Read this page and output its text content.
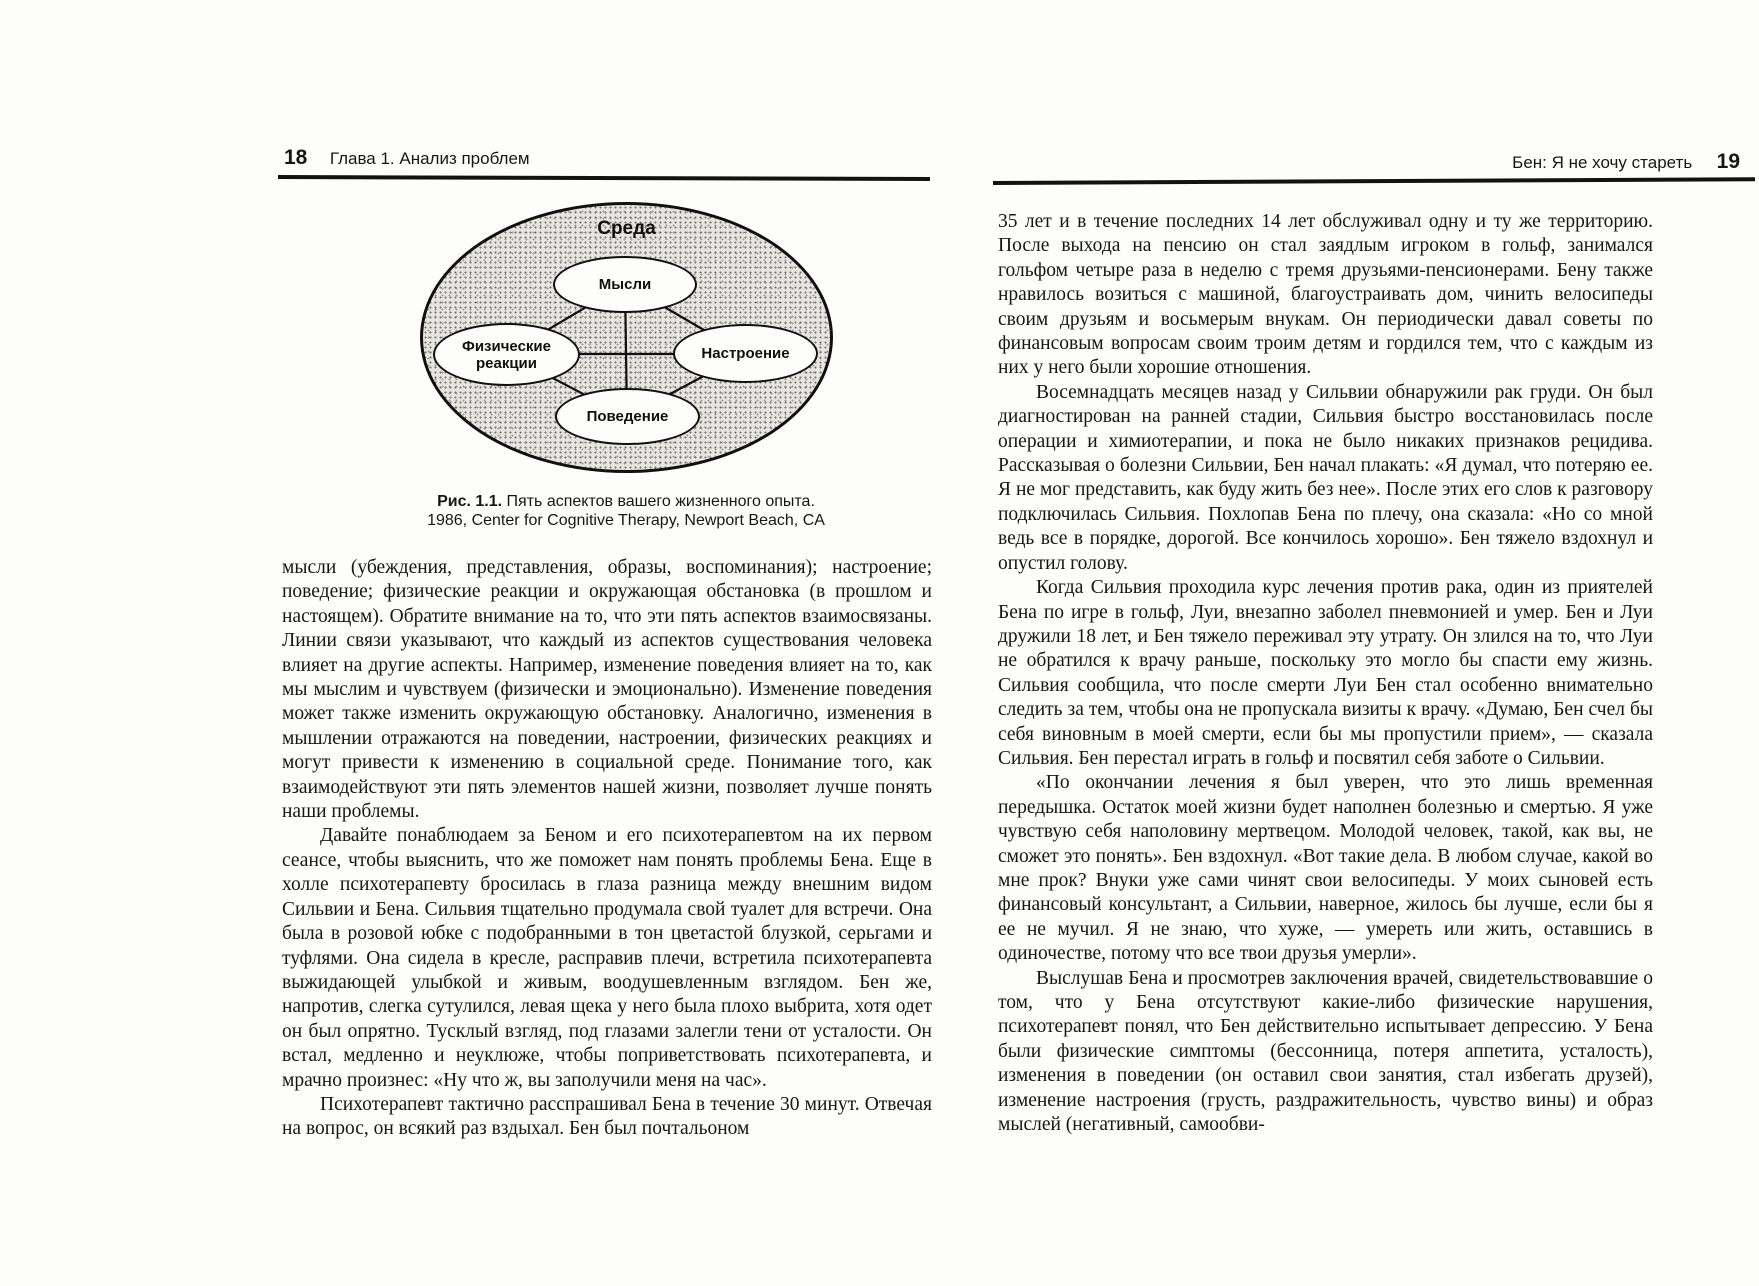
18 Глава 1. Анализ проблем	Бен: Я не хочу стареть 19
Среда
Мысли
Физические реакции
Настроение
Поведение
Рис. 1.1. Пять аспектов вашего жизненного опыта.
1986, Center for Cognitive Therapy, Newport Beach, CA

мысли (убеждения, представления, образы, воспоминания); настроение; поведение; физические реакции и окружающая обстановка (в прошлом и настоящем). Обратите внимание на то, что эти пять аспектов взаимосвязаны. Линии связи указывают, что каждый из аспектов существования человека влияет на другие аспекты. Например, изменение поведения влияет на то, как мы мыслим и чувствуем (физически и эмоционально). Изменение поведения может также изменить окружающую обстановку. Аналогично, изменения в мышлении отражаются на поведении, настроении, физических реакциях и могут привести к изменению в социальной среде. Понимание того, как взаимодействуют эти пять элементов нашей жизни, позволяет лучше понять наши проблемы.

Давайте понаблюдаем за Беном и его психотерапевтом на их первом сеансе, чтобы выяснить, что же поможет нам понять проблемы Бена. Еще в холле психотерапевту бросилась в глаза разница между внешним видом Сильвии и Бена. Сильвия тщательно продумала свой туалет для встречи. Она была в розовой юбке с подобранными в тон цветастой блузкой, серьгами и туфлями. Она сидела в кресле, расправив плечи, встретила психотерапевта выжидающей улыбкой и живым, воодушевленным взглядом. Бен же, напротив, слегка сутулился, левая щека у него была плохо выбрита, хотя одет он был опрятно. Тусклый взгляд, под глазами залегли тени от усталости. Он встал, медленно и неуклюже, чтобы поприветствовать психотерапевта, и мрачно произнес: «Ну что ж, вы заполучили меня на час».

Психотерапевт тактично расспрашивал Бена в течение 30 минут. Отвечая на вопрос, он всякий раз вздыхал. Бен был почтальоном

35 лет и в течение последних 14 лет обслуживал одну и ту же территорию. После выхода на пенсию он стал заядлым игроком в гольф, занимался гольфом четыре раза в неделю с тремя друзьями-пенсионерами. Бену также нравилось возиться с машиной, благоустраивать дом, чинить велосипеды своим друзьям и восьмерым внукам. Он периодически давал советы по финансовым вопросам своим троим детям и гордился тем, что с каждым из них у него были хорошие отношения.

Восемнадцать месяцев назад у Сильвии обнаружили рак груди. Он был диагностирован на ранней стадии, Сильвия быстро восстановилась после операции и химиотерапии, и пока не было никаких признаков рецидива. Рассказывая о болезни Сильвии, Бен начал плакать: «Я думал, что потеряю ее. Я не мог представить, как буду жить без нее». После этих его слов к разговору подключилась Сильвия. Похлопав Бена по плечу, она сказала: «Но со мной ведь все в порядке, дорогой. Все кончилось хорошо». Бен тяжело вздохнул и опустил голову.

Когда Сильвия проходила курс лечения против рака, один из приятелей Бена по игре в гольф, Луи, внезапно заболел пневмонией и умер. Бен и Луи дружили 18 лет, и Бен тяжело переживал эту утрату. Он злился на то, что Луи не обратился к врачу раньше, поскольку это могло бы спасти ему жизнь. Сильвия сообщила, что после смерти Луи Бен стал особенно внимательно следить за тем, чтобы она не пропускала визиты к врачу. «Думаю, Бен счел бы себя виновным в моей смерти, если бы мы пропустили прием», — сказала Сильвия. Бен перестал играть в гольф и посвятил себя заботе о Сильвии.

«По окончании лечения я был уверен, что это лишь временная передышка. Остаток моей жизни будет наполнен болезнью и смертью. Я уже чувствую себя наполовину мертвецом. Молодой человек, такой, как вы, не сможет это понять». Бен вздохнул. «Вот такие дела. В любом случае, какой во мне прок? Внуки уже сами чинят свои велосипеды. У моих сыновей есть финансовый консультант, а Сильвии, наверное, жилось бы лучше, если бы я ее не мучил. Я не знаю, что хуже, — умереть или жить, оставшись в одиночестве, потому что все твои друзья умерли».

Выслушав Бена и просмотрев заключения врачей, свидетельствовавшие о том, что у Бена отсутствуют какие-либо физические нарушения, психотерапевт понял, что Бен действительно испытывает депрессию. У Бена были физические симптомы (бессонница, потеря аппетита, усталость), изменения в поведении (он оставил свои занятия, стал избегать друзей), изменение настроения (грусть, раздражительность, чувство вины) и образ мыслей (негативный, самообви-
